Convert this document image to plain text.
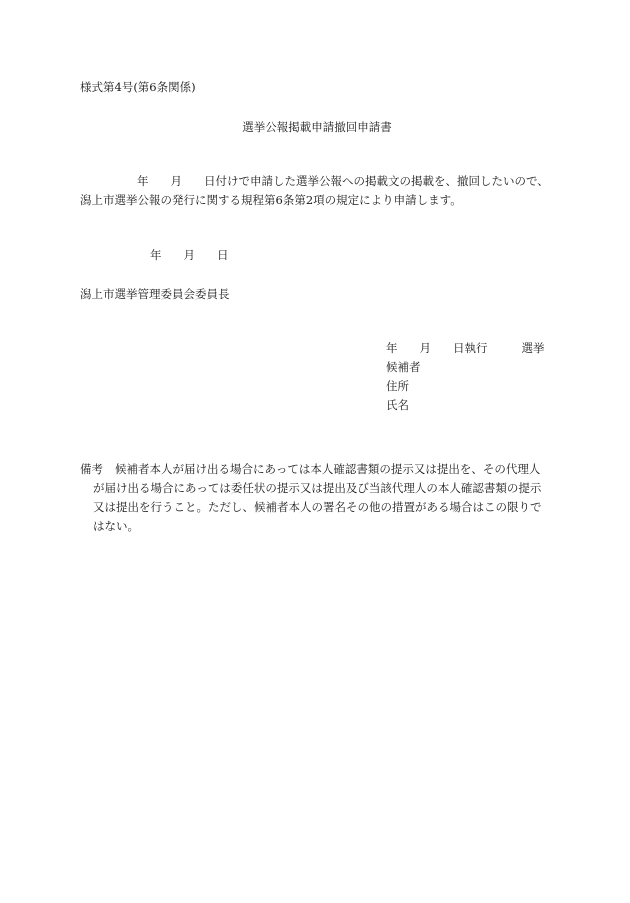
様式第4号(第6条関係)
選挙公報掲載申請撤回申請書
年 月 日付けで申請した選挙公報への掲載文の掲載を、撤回したいので、
潟上市選挙公報の発行に関する規程第6条第2項の規定により申請します。
年 月 日
潟上市選挙管理委員会委員長
年 月 日執行	選挙
候補者
住所
氏名
備考 候補者本人が届け出る場合にあっては本人確認書類の提示又は提出を、その代理人
が届け出る場合にあっては委任状の提示又は提出及び当該代理人の本人確認書類の提示
又は提出を行うこと。ただし、候補者本人の署名その他の措置がある場合はこの限りで
はない。
